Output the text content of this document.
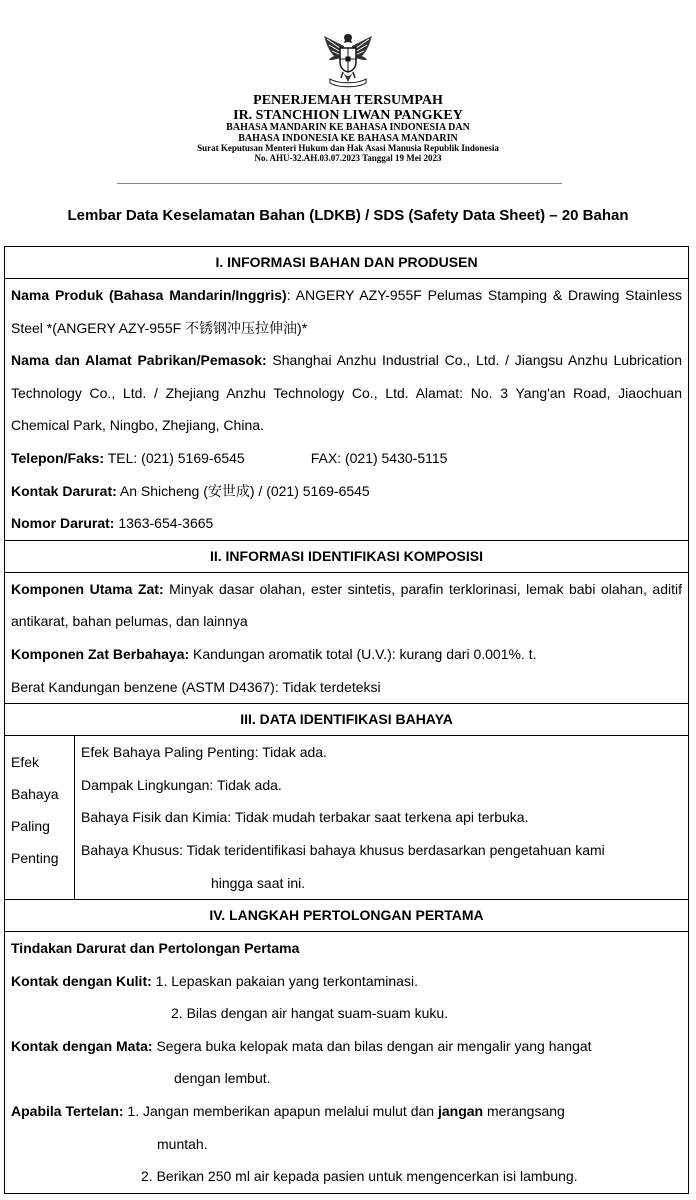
PENERJEMAH TERSUMPAH
IR. STANCHION LIWAN PANGKEY
BAHASA MANDARIN KE BAHASA INDONESIA DAN
BAHASA INDONESIA KE BAHASA MANDARIN
Surat Keputusan Menteri Hukum dan Hak Asasi Manusia Republik Indonesia
No. AHU-32.AH.03.07.2023 Tanggal 19 Mei 2023
Lembar Data Keselamatan Bahan (LDKB) / SDS (Safety Data Sheet) – 20 Bahan
I. INFORMASI BAHAN DAN PRODUSEN
Nama Produk (Bahasa Mandarin/Inggris): ANGERY AZY-955F Pelumas Stamping & Drawing Stainless Steel *(ANGERY AZY-955F 不锈钢冲压拉伸油)*
Nama dan Alamat Pabrikan/Pemasok: Shanghai Anzhu Industrial Co., Ltd. / Jiangsu Anzhu Lubrication Technology Co., Ltd. / Zhejiang Anzhu Technology Co., Ltd. Alamat: No. 3 Yang'an Road, Jiaochuan Chemical Park, Ningbo, Zhejiang, China.
Telepon/Faks: TEL: (021) 5169-6545	FAX: (021) 5430-5115
Kontak Darurat: An Shicheng (安世成) / (021) 5169-6545
Nomor Darurat: 1363-654-3665
II. INFORMASI IDENTIFIKASI KOMPOSISI
Komponen Utama Zat: Minyak dasar olahan, ester sintetis, parafin terklorinasi, lemak babi olahan, aditif antikarat, bahan pelumas, dan lainnya
Komponen Zat Berbahaya: Kandungan aromatik total (U.V.): kurang dari 0.001%. t.
Berat Kandungan benzene (ASTM D4367): Tidak terdeteksi
III. DATA IDENTIFIKASI BAHAYA
Efek
Bahaya
Paling
Penting
Efek Bahaya Paling Penting: Tidak ada.
Dampak Lingkungan: Tidak ada.
Bahaya Fisik dan Kimia: Tidak mudah terbakar saat terkena api terbuka.
Bahaya Khusus: Tidak teridentifikasi bahaya khusus berdasarkan pengetahuan kami
hingga saat ini.
IV. LANGKAH PERTOLONGAN PERTAMA
Tindakan Darurat dan Pertolongan Pertama
Kontak dengan Kulit: 1. Lepaskan pakaian yang terkontaminasi.
2. Bilas dengan air hangat suam-suam kuku.
Kontak dengan Mata: Segera buka kelopak mata dan bilas dengan air mengalir yang hangat
dengan lembut.
Apabila Tertelan: 1. Jangan memberikan apapun melalui mulut dan jangan merangsang
muntah.
2. Berikan 250 ml air kepada pasien untuk mengencerkan isi lambung.
